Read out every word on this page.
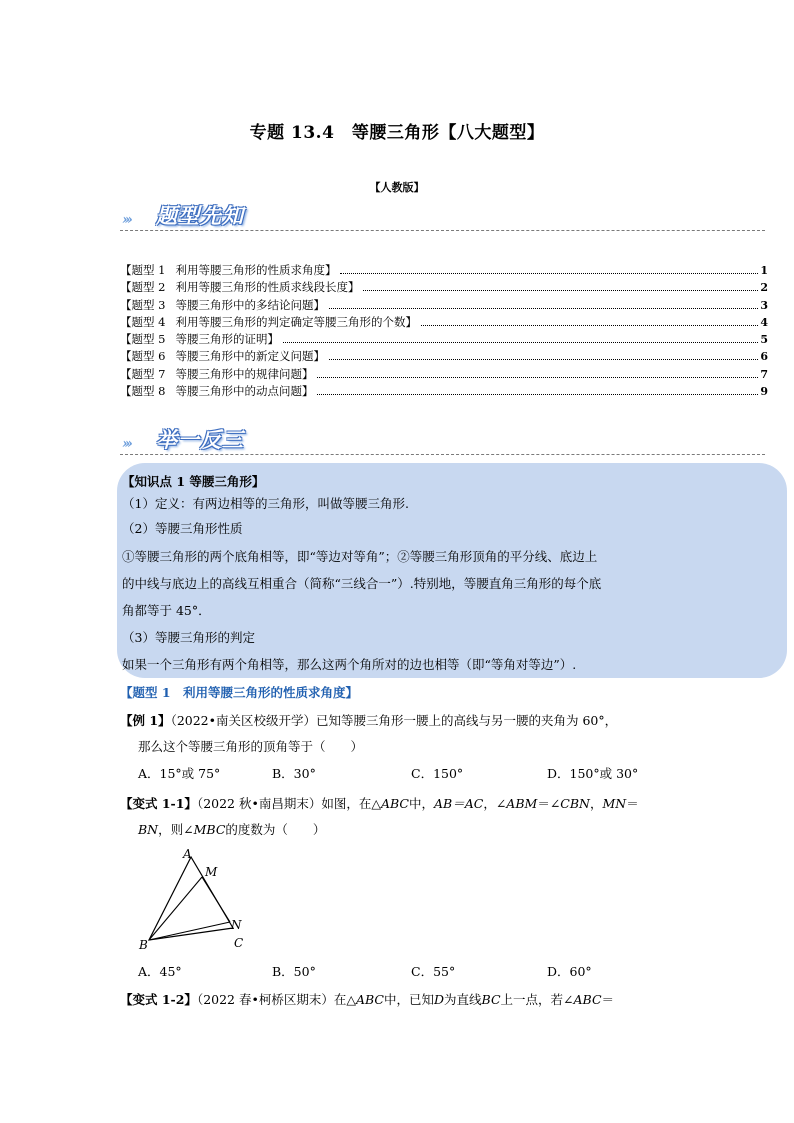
专题 13.4　等腰三角形【八大题型】
【人教版】
››› 题型先知
【题型 1 利用等腰三角形的性质求角度】	1
【题型 2 利用等腰三角形的性质求线段长度】	2
【题型 3 等腰三角形中的多结论问题】	3
【题型 4 利用等腰三角形的判定确定等腰三角形的个数】	4
【题型 5 等腰三角形的证明】	5
【题型 6 等腰三角形中的新定义问题】	6
【题型 7 等腰三角形中的规律问题】	7
【题型 8 等腰三角形中的动点问题】	9
››› 举一反三
【知识点 1 等腰三角形】
（1）定义：有两边相等的三角形，叫做等腰三角形.
（2）等腰三角形性质
①等腰三角形的两个底角相等，即“等边对等角”；②等腰三角形顶角的平分线、底边上
的中线与底边上的高线互相重合（简称“三线合一”）.特别地，等腰直角三角形的每个底
角都等于 45°．
（3）等腰三角形的判定
如果一个三角形有两个角相等，那么这两个角所对的边也相等（即“等角对等边”）.
【题型 1　利用等腰三角形的性质求角度】
【例 1】（2022•南关区校级开学）已知等腰三角形一腰上的高线与另一腰的夹角为 60°，
那么这个等腰三角形的顶角等于（　　）
A．15°或 75°	B．30°	C．150°	D．150°或 30°
【变式 1-1】（2022 秋•南昌期末）如图，在△ABC中，AB＝AC，∠ABM＝∠CBN，MN＝
BN，则∠MBC的度数为（　　）
A
M
N
B	C
A．45°	B．50°	C．55°	D．60°
【变式 1-2】（2022 春•柯桥区期末）在△ABC中，已知D为直线BC上一点，若∠ABC＝
